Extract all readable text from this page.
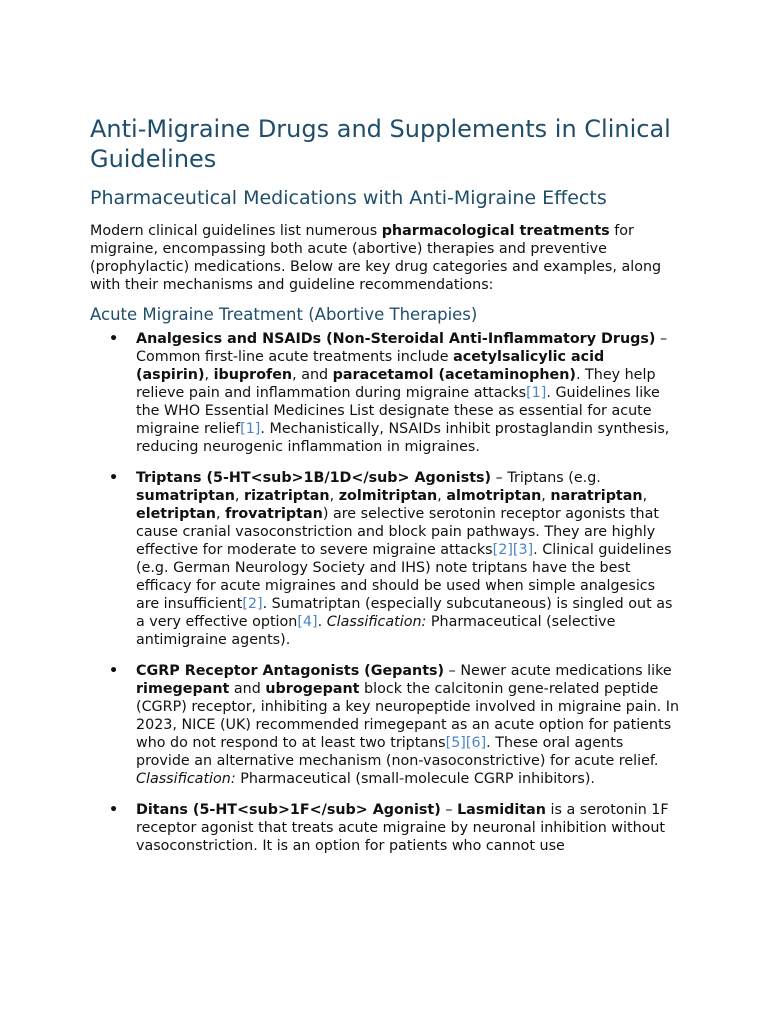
Anti-Migraine Drugs and Supplements in Clinical Guidelines
Pharmaceutical Medications with Anti-Migraine Effects

Modern clinical guidelines list numerous pharmacological treatments for migraine, encompassing both acute (abortive) therapies and preventive (prophylactic) medications. Below are key drug categories and examples, along with their mechanisms and guideline recommendations:

Acute Migraine Treatment (Abortive Therapies)
• Analgesics and NSAIDs (Non-Steroidal Anti-Inflammatory Drugs) – Common first-line acute treatments include acetylsalicylic acid (aspirin), ibuprofen, and paracetamol (acetaminophen). They help relieve pain and inflammation during migraine attacks[1]. Guidelines like the WHO Essential Medicines List designate these as essential for acute migraine relief[1]. Mechanistically, NSAIDs inhibit prostaglandin synthesis, reducing neurogenic inflammation in migraines.
• Triptans (5-HT<sub>1B/1D</sub> Agonists) – Triptans (e.g. sumatriptan, rizatriptan, zolmitriptan, almotriptan, naratriptan, eletriptan, frovatriptan) are selective serotonin receptor agonists that cause cranial vasoconstriction and block pain pathways. They are highly effective for moderate to severe migraine attacks[2][3]. Clinical guidelines (e.g. German Neurology Society and IHS) note triptans have the best efficacy for acute migraines and should be used when simple analgesics are insufficient[2]. Sumatriptan (especially subcutaneous) is singled out as a very effective option[4]. Classification: Pharmaceutical (selective antimigraine agents).
• CGRP Receptor Antagonists (Gepants) – Newer acute medications like rimegepant and ubrogepant block the calcitonin gene-related peptide (CGRP) receptor, inhibiting a key neuropeptide involved in migraine pain. In 2023, NICE (UK) recommended rimegepant as an acute option for patients who do not respond to at least two triptans[5][6]. These oral agents provide an alternative mechanism (non-vasoconstrictive) for acute relief. Classification: Pharmaceutical (small-molecule CGRP inhibitors).
• Ditans (5-HT<sub>1F</sub> Agonist) – Lasmiditan is a serotonin 1F receptor agonist that treats acute migraine by neuronal inhibition without vasoconstriction. It is an option for patients who cannot use
